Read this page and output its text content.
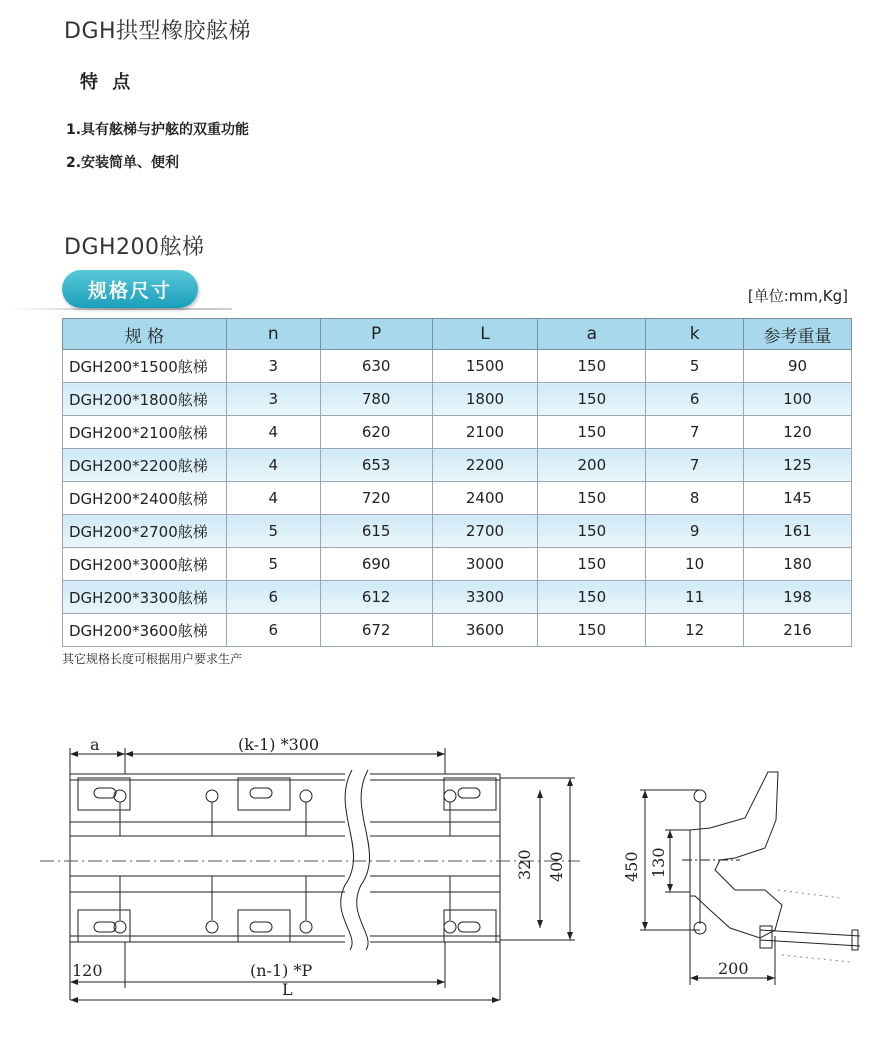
DGH拱型橡胶舷梯
特 点
1.具有舷梯与护舷的双重功能
2.安装简单、便利
DGH200舷梯
规格尺寸	[单位:mm,Kg]
规 格	n	P	L	a	k	参考重量
DGH200*1500舷梯	3	630	1500	150	5	90
DGH200*1800舷梯	3	780	1800	150	6	100
DGH200*2100舷梯	4	620	2100	150	7	120
DGH200*2200舷梯	4	653	2200	200	7	125
DGH200*2400舷梯	4	720	2400	150	8	145
DGH200*2700舷梯	5	615	2700	150	9	161
DGH200*3000舷梯	5	690	3000	150	10	180
DGH200*3300舷梯	6	612	3300	150	11	198
DGH200*3600舷梯	6	672	3600	150	12	216
其它规格长度可根据用户要求生产
a	(k-1) *300
320 400
120	(n-1) *P
L
450 130
200
